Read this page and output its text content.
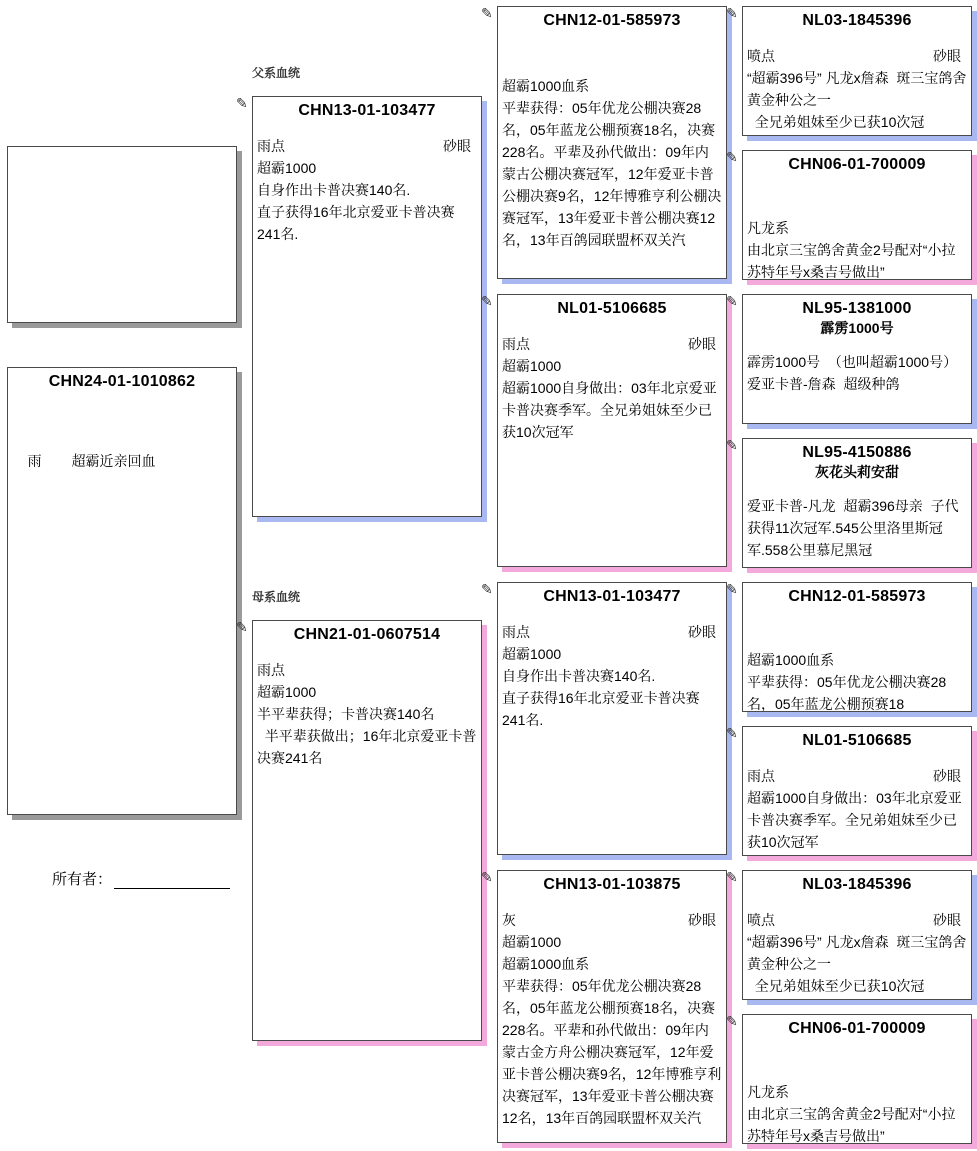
父系血统
母系血统
CHN24-01-1010862

雨 超霸近亲回血

所有者：
✎	CHN13-01-103477
雨点	砂眼
超霸1000
自身作出卡普决赛140名.
直子获得16年北京爱亚卡普决赛241名.
✎	CHN21-01-0607514
雨点
超霸1000
半平辈获得；卡普决赛140名
半平辈获做出；16年北京爱亚卡普决赛241名
✎	CHN12-01-585973
超霸1000血系
平辈获得：05年优龙公棚决赛28名，05年蓝龙公棚预赛18名，决赛228名。平辈及孙代做出：09年内蒙古公棚决赛冠军，12年爱亚卡普公棚决赛9名，12年博雅亨利公棚决赛冠军，13年爱亚卡普公棚决赛12名，13年百鸽园联盟杯双关汽
✎	NL01-5106685
雨点	砂眼
超霸1000
超霸1000自身做出：03年北京爱亚卡普决赛季军。全兄弟姐妹至少已获10次冠军
✎	CHN13-01-103477
雨点	砂眼
超霸1000
自身作出卡普决赛140名.
直子获得16年北京爱亚卡普决赛241名.
✎	CHN13-01-103875
灰	砂眼
超霸1000
超霸1000血系
平辈获得：05年优龙公棚决赛28名，05年蓝龙公棚预赛18名，决赛228名。平辈和孙代做出：09年内蒙古金方舟公棚决赛冠军，12年爱亚卡普公棚决赛9名，12年博雅亨利决赛冠军，13年爱亚卡普公棚决赛12名，13年百鸽园联盟杯双关汽
✎	NL03-1845396
喷点	砂眼
“超霸396号” 凡龙x詹森  斑三宝鸽舍黄金种公之一
全兄弟姐妹至少已获10次冠
✎	CHN06-01-700009
凡龙系
由北京三宝鸽舍黄金2号配对“小拉苏特年号x桑吉号做出”
✎	NL95-1381000
霹雳1000号
霹雳1000号  （也叫超霸1000号）
爱亚卡普-詹森  超级种鸽
✎	NL95-4150886
灰花头莉安甜
爱亚卡普-凡龙  超霸396母亲  子代获得11次冠军.545公里洛里斯冠军.558公里慕尼黑冠
✎	CHN12-01-585973
超霸1000血系
平辈获得：05年优龙公棚决赛28名，05年蓝龙公棚预赛18
✎	NL01-5106685
雨点	砂眼
超霸1000自身做出：03年北京爱亚卡普决赛季军。全兄弟姐妹至少已获10次冠军
✎	NL03-1845396
喷点	砂眼
“超霸396号” 凡龙x詹森  斑三宝鸽舍黄金种公之一
全兄弟姐妹至少已获10次冠
✎	CHN06-01-700009
凡龙系
由北京三宝鸽舍黄金2号配对“小拉苏特年号x桑吉号做出”
